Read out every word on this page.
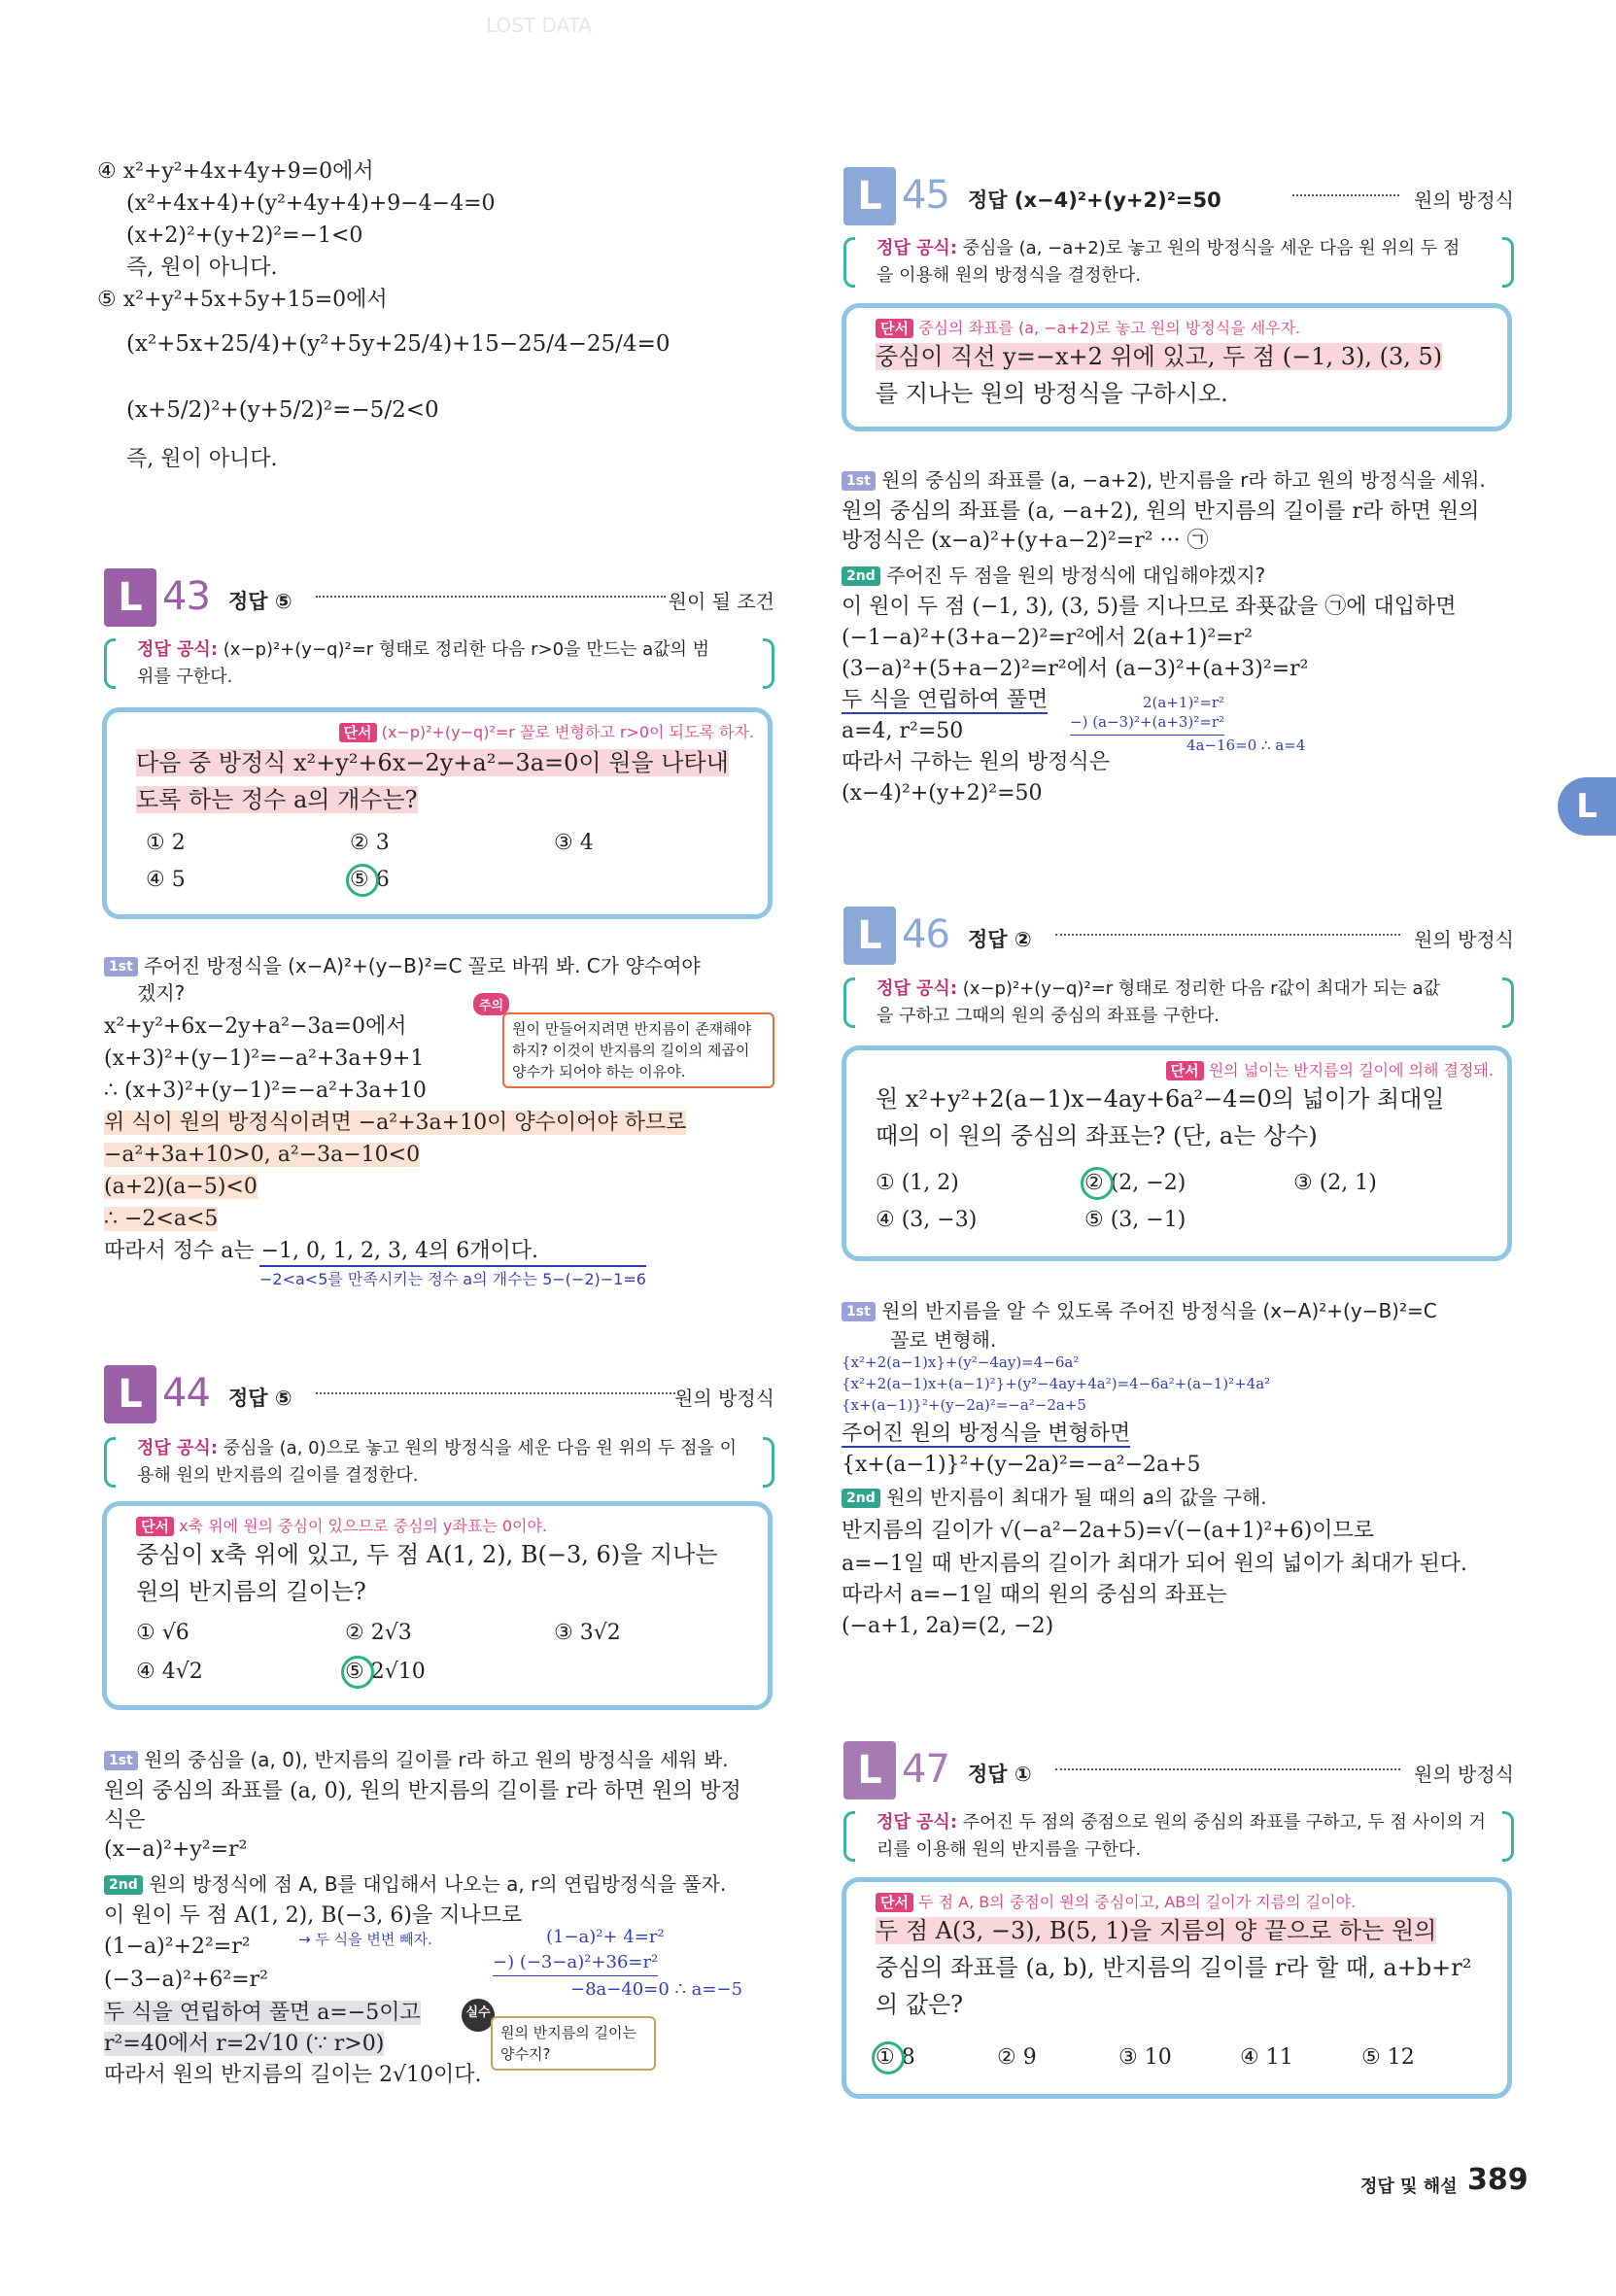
LOST DATA
④ x²+y²+4x+4y+9=0에서
(x²+4x+4)+(y²+4y+4)+9−4−4=0
(x+2)²+(y+2)²=−1<0
즉, 원이 아니다.
⑤ x²+y²+5x+5y+15=0에서
(x²+5x+25/4)+(y²+5y+25/4)+15−25/4−25/4=0
(x+5/2)²+(y+5/2)²=−5/2<0
즉, 원이 아니다.
L 43 정답 ⑤	원이 될 조건
정답 공식: (x−p)²+(y−q)²=r 형태로 정리한 다음 r>0을 만드는 a값의 범
위를 구한다.
단서 (x−p)²+(y−q)²=r 꼴로 변형하고 r>0이 되도록 하자.
다음 중 방정식 x²+y²+6x−2y+a²−3a=0이 원을 나타내
도록 하는 정수 a의 개수는?
① 2	② 3	③ 4
④ 5	⑤ 6
1st 주어진 방정식을 (x−A)²+(y−B)²=C 꼴로 바꿔 봐. C가 양수여야
겠지?
x²+y²+6x−2y+a²−3a=0에서
(x+3)²+(y−1)²=−a²+3a+9+1
∴ (x+3)²+(y−1)²=−a²+3a+10
위 식이 원의 방정식이려면 −a²+3a+10이 양수이어야 하므로
−a²+3a+10>0, a²−3a−10<0
(a+2)(a−5)<0
∴ −2<a<5
따라서 정수 a는 −1, 0, 1, 2, 3, 4의 6개이다.
−2<a<5를 만족시키는 정수 a의 개수는 5−(−2)−1=6
주의
원이 만들어지려면 반지름이 존재해야 하지? 이것이 반지름의 길이의 제곱이 양수가 되어야 하는 이유야.
L 44 정답 ⑤	원의 방정식
정답 공식: 중심을 (a, 0)으로 놓고 원의 방정식을 세운 다음 원 위의 두 점을 이
용해 원의 반지름의 길이를 결정한다.
단서 x축 위에 원의 중심이 있으므로 중심의 y좌표는 0이야.
중심이 x축 위에 있고, 두 점 A(1, 2), B(−3, 6)을 지나는
원의 반지름의 길이는?
① √6	② 2√3	③ 3√2
④ 4√2	⑤ 2√10
1st 원의 중심을 (a, 0), 반지름의 길이를 r라 하고 원의 방정식을 세워 봐.
원의 중심의 좌표를 (a, 0), 원의 반지름의 길이를 r라 하면 원의 방정
식은
(x−a)²+y²=r²
2nd 원의 방정식에 점 A, B를 대입해서 나오는 a, r의 연립방정식을 풀자.
이 원이 두 점 A(1, 2), B(−3, 6)을 지나므로
(1−a)²+2²=r²
(−3−a)²+6²=r²
→ 두 식을 변변 빼자.	(1−a)²+ 4=r²
−) (−3−a)²+36=r²
−8a−40=0 ∴ a=−5
두 식을 연립하여 풀면 a=−5이고
r²=40에서 r=2√10 (∵ r>0)
따라서 원의 반지름의 길이는 2√10이다.
실수
원의 반지름의 길이는 양수지?
L 45 정답 (x−4)²+(y+2)²=50	원의 방정식
정답 공식: 중심을 (a, −a+2)로 놓고 원의 방정식을 세운 다음 원 위의 두 점
을 이용해 원의 방정식을 결정한다.
단서 중심의 좌표를 (a, −a+2)로 놓고 원의 방정식을 세우자.
중심이 직선 y=−x+2 위에 있고, 두 점 (−1, 3), (3, 5)
를 지나는 원의 방정식을 구하시오.
1st 원의 중심의 좌표를 (a, −a+2), 반지름을 r라 하고 원의 방정식을 세워.
원의 중심의 좌표를 (a, −a+2), 원의 반지름의 길이를 r라 하면 원의
방정식은 (x−a)²+(y+a−2)²=r² ··· ㉠
2nd 주어진 두 점을 원의 방정식에 대입해야겠지?
이 원이 두 점 (−1, 3), (3, 5)를 지나므로 좌푯값을 ㉠에 대입하면
(−1−a)²+(3+a−2)²=r²에서 2(a+1)²=r²
(3−a)²+(5+a−2)²=r²에서 (a−3)²+(a+3)²=r²
두 식을 연립하여 풀면
a=4, r²=50
따라서 구하는 원의 방정식은
(x−4)²+(y+2)²=50
2(a+1)²=r²
−) (a−3)²+(a+3)²=r²
4a−16=0 ∴ a=4
L
L 46 정답 ②	원의 방정식
정답 공식: (x−p)²+(y−q)²=r 형태로 정리한 다음 r값이 최대가 되는 a값
을 구하고 그때의 원의 중심의 좌표를 구한다.
단서 원의 넓이는 반지름의 길이에 의해 결정돼.
원 x²+y²+2(a−1)x−4ay+6a²−4=0의 넓이가 최대일
때의 이 원의 중심의 좌표는? (단, a는 상수)
① (1, 2)	② (2, −2)	③ (2, 1)
④ (3, −3)	⑤ (3, −1)
1st 원의 반지름을 알 수 있도록 주어진 방정식을 (x−A)²+(y−B)²=C
꼴로 변형해.
{x²+2(a−1)x}+(y²−4ay)=4−6a²
{x²+2(a−1)x+(a−1)²}+(y²−4ay+4a²)=4−6a²+(a−1)²+4a²
{x+(a−1)}²+(y−2a)²=−a²−2a+5
주어진 원의 방정식을 변형하면
{x+(a−1)}²+(y−2a)²=−a²−2a+5
2nd 원의 반지름이 최대가 될 때의 a의 값을 구해.
반지름의 길이가 √(−a²−2a+5)=√(−(a+1)²+6)이므로
a=−1일 때 반지름의 길이가 최대가 되어 원의 넓이가 최대가 된다.
따라서 a=−1일 때의 원의 중심의 좌표는
(−a+1, 2a)=(2, −2)
L 47 정답 ①	원의 방정식
정답 공식: 주어진 두 점의 중점으로 원의 중심의 좌표를 구하고, 두 점 사이의 거
리를 이용해 원의 반지름을 구한다.
단서 두 점 A, B의 중점이 원의 중심이고, AB의 길이가 지름의 길이야.
두 점 A(3, −3), B(5, 1)을 지름의 양 끝으로 하는 원의
중심의 좌표를 (a, b), 반지름의 길이를 r라 할 때, a+b+r²
의 값은?
① 8	② 9	③ 10	④ 11	⑤ 12
정답 및 해설 389
